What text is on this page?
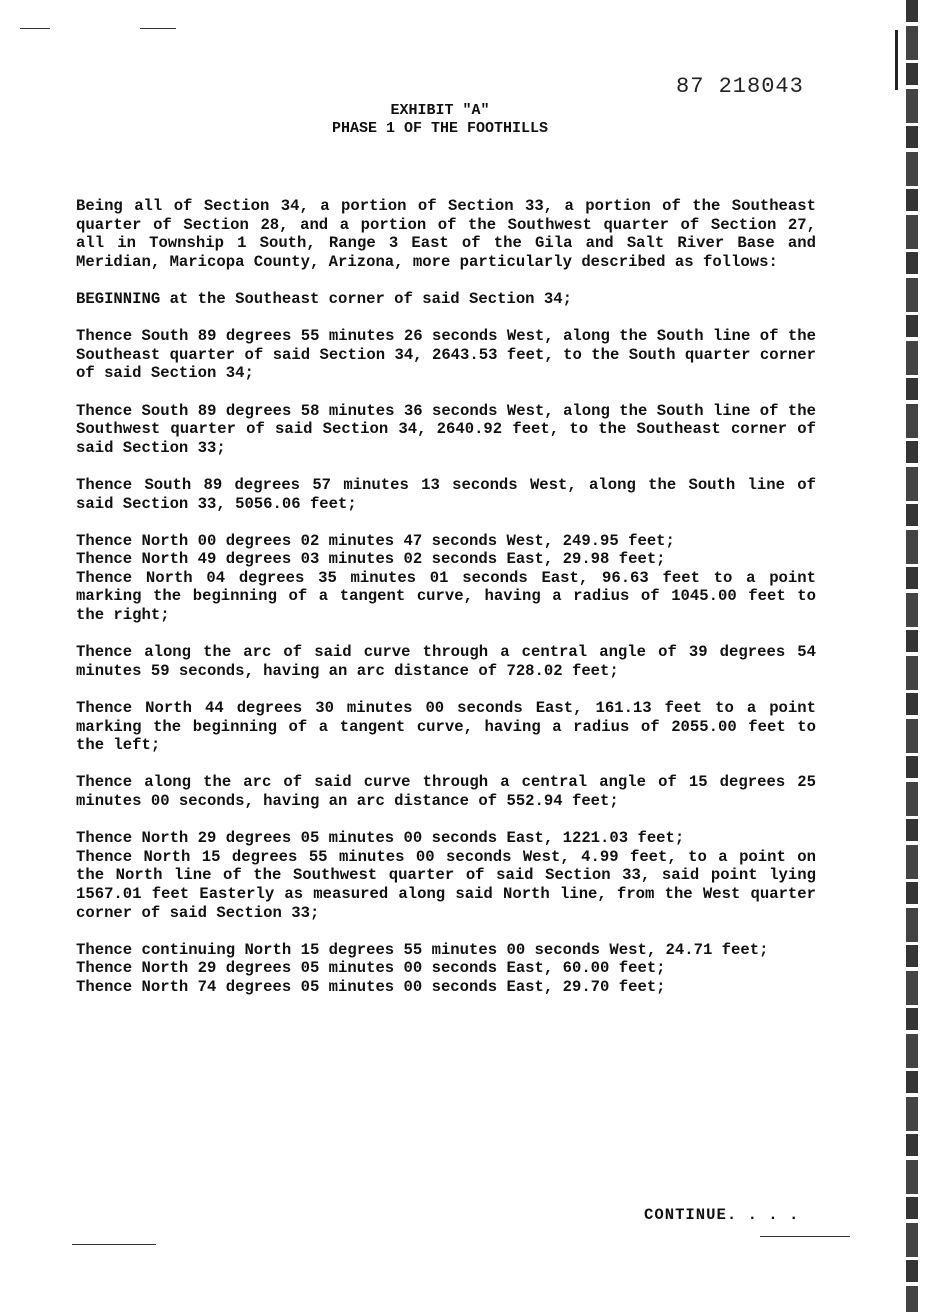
87 218043
EXHIBIT "A"
PHASE 1 OF THE FOOTHILLS

Being all of Section 34, a portion of Section 33, a portion of the Southeast quarter of Section 28, and a portion of the Southwest quarter of Section 27, all in Township 1 South, Range 3 East of the Gila and Salt River Base and Meridian, Maricopa County, Arizona, more particularly described as follows:

BEGINNING at the Southeast corner of said Section 34;

Thence South 89 degrees 55 minutes 26 seconds West, along the South line of the Southeast quarter of said Section 34, 2643.53 feet, to the South quarter corner of said Section 34;

Thence South 89 degrees 58 minutes 36 seconds West, along the South line of the Southwest quarter of said Section 34, 2640.92 feet, to the Southeast corner of said Section 33;

Thence South 89 degrees 57 minutes 13 seconds West, along the South line of said Section 33, 5056.06 feet;

Thence North 00 degrees 02 minutes 47 seconds West, 249.95 feet;
Thence North 49 degrees 03 minutes 02 seconds East, 29.98 feet;
Thence North 04 degrees 35 minutes 01 seconds East, 96.63 feet to a point marking the beginning of a tangent curve, having a radius of 1045.00 feet to the right;

Thence along the arc of said curve through a central angle of 39 degrees 54 minutes 59 seconds, having an arc distance of 728.02 feet;

Thence North 44 degrees 30 minutes 00 seconds East, 161.13 feet to a point marking the beginning of a tangent curve, having a radius of 2055.00 feet to the left;

Thence along the arc of said curve through a central angle of 15 degrees 25 minutes 00 seconds, having an arc distance of 552.94 feet;

Thence North 29 degrees 05 minutes 00 seconds East, 1221.03 feet;
Thence North 15 degrees 55 minutes 00 seconds West, 4.99 feet, to a point on the North line of the Southwest quarter of said Section 33, said point lying 1567.01 feet Easterly as measured along said North line, from the West quarter corner of said Section 33;

Thence continuing North 15 degrees 55 minutes 00 seconds West, 24.71 feet;
Thence North 29 degrees 05 minutes 00 seconds East, 60.00 feet;
Thence North 74 degrees 05 minutes 00 seconds East, 29.70 feet;

CONTINUE. . . .
